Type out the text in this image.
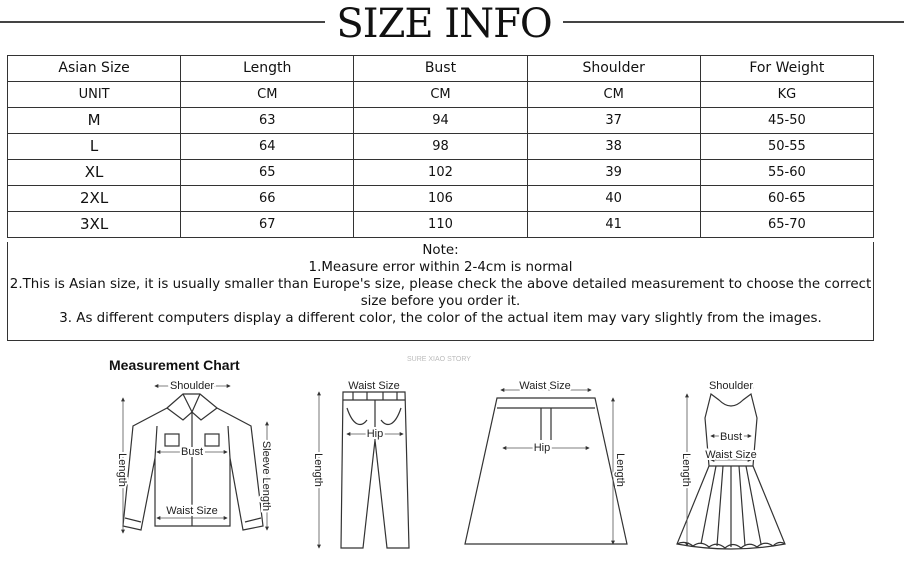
SIZE INFO
Asian Size	Length	Bust	Shoulder	For Weight
UNIT	CM	CM	CM	KG
M	63	94	37	45-50
L	64	98	38	50-55
XL	65	102	39	55-60
2XL	66	106	40	60-65
3XL	67	110	41	65-70

Note:

1.Measure error within 2-4cm is normal

2.This is Asian size, it is usually smaller than Europe's size, please check the above detailed measurement to choose the correct size before you order it.

3. As different computers display a different color, the color of the actual item may vary slightly from the images.

Measurement Chart	SURE XIAO STORY
Shoulder
Bust
Waist Size
Length	Sleeve Length
Waist Size
Hip
Length
Waist Size
Hip
Length
Shoulder
Bust
Waist Size
Length
